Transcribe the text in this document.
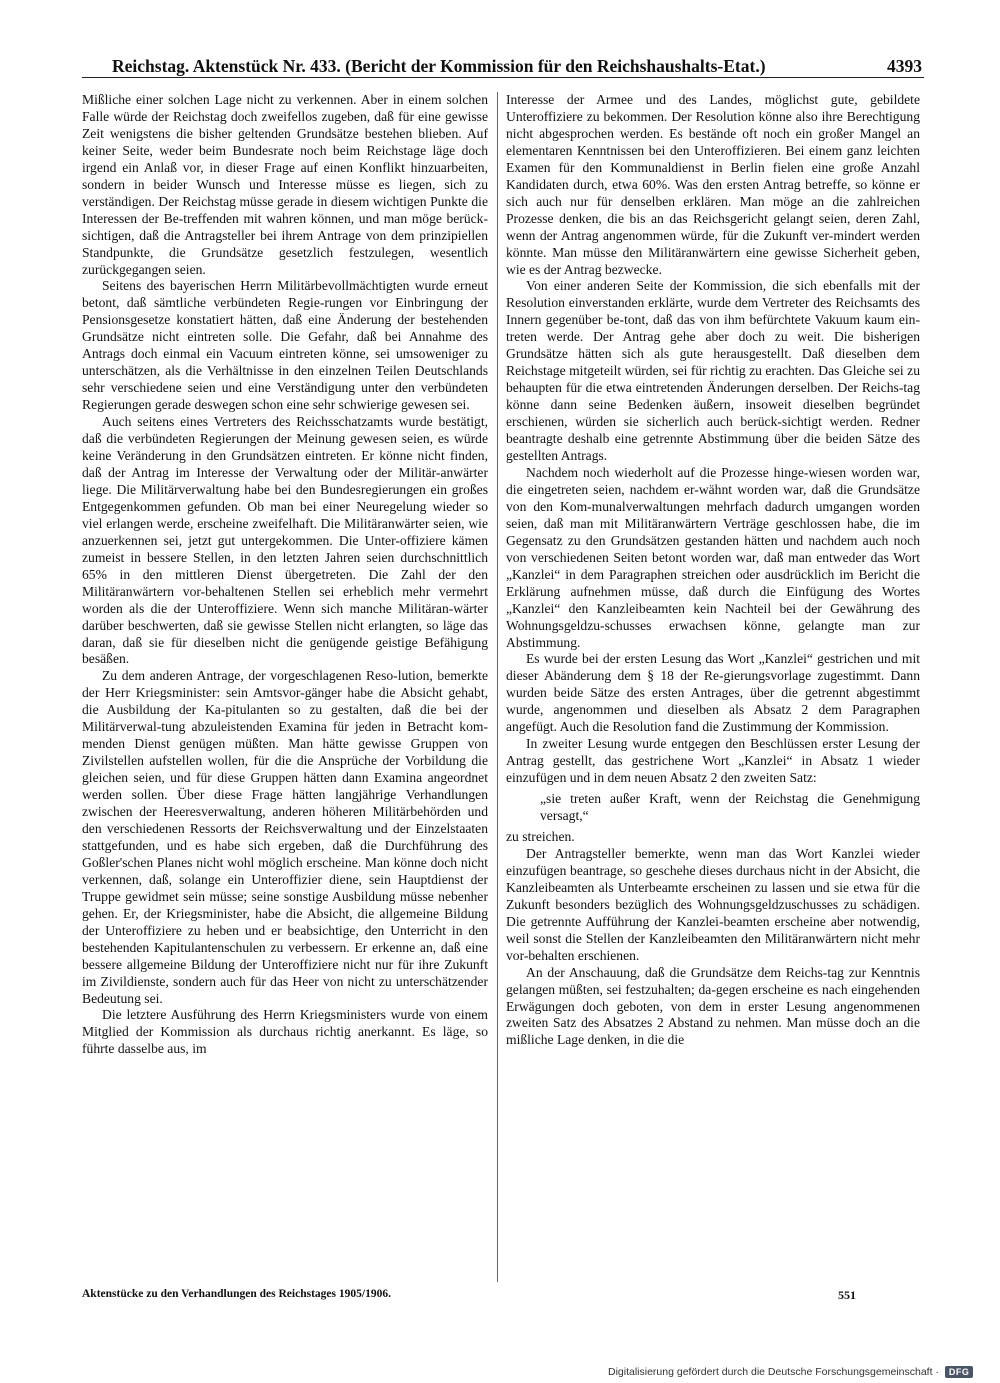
Reichstag. Aktenstück Nr. 433. (Bericht der Kommission für den Reichshaushalts-Etat.)	4393

Mißliche einer solchen Lage nicht zu verkennen. Aber in einem solchen Falle würde der Reichstag doch zweifellos zugeben, daß für eine gewisse Zeit wenigstens die bisher geltenden Grundsätze bestehen blieben. Auf keiner Seite, weder beim Bundesrate noch beim Reichstage läge doch irgend ein Anlaß vor, in dieser Frage auf einen Konflikt hinzuarbeiten, sondern in beider Wunsch und Interesse müsse es liegen, sich zu verständigen. Der Reichstag müsse gerade in diesem wichtigen Punkte die Interessen der Be-treffenden mit wahren können, und man möge berück-sichtigen, daß die Antragsteller bei ihrem Antrage von dem prinzipiellen Standpunkte, die Grundsätze gesetzlich festzulegen, wesentlich zurückgegangen seien.

Seitens des bayerischen Herrn Militärbevollmächtigten wurde erneut betont, daß sämtliche verbündeten Regie-rungen vor Einbringung der Pensionsgesetze konstatiert hätten, daß eine Änderung der bestehenden Grundsätze nicht eintreten solle. Die Gefahr, daß bei Annahme des Antrags doch einmal ein Vacuum eintreten könne, sei umsoweniger zu unterschätzen, als die Verhältnisse in den einzelnen Teilen Deutschlands sehr verschiedene seien und eine Verständigung unter den verbündeten Regierungen gerade deswegen schon eine sehr schwierige gewesen sei.

Auch seitens eines Vertreters des Reichsschatzamts wurde bestätigt, daß die verbündeten Regierungen der Meinung gewesen seien, es würde keine Veränderung in den Grundsätzen eintreten. Er könne nicht finden, daß der Antrag im Interesse der Verwaltung oder der Militär-anwärter liege. Die Militärverwaltung habe bei den Bundesregierungen ein großes Entgegenkommen gefunden. Ob man bei einer Neuregelung wieder so viel erlangen werde, erscheine zweifelhaft. Die Militäranwärter seien, wie anzuerkennen sei, jetzt gut untergekommen. Die Unter-offiziere kämen zumeist in bessere Stellen, in den letzten Jahren seien durchschnittlich 65% in den mittleren Dienst übergetreten. Die Zahl der den Militäranwärtern vor-behaltenen Stellen sei erheblich mehr vermehrt worden als die der Unteroffiziere. Wenn sich manche Militäran-wärter darüber beschwerten, daß sie gewisse Stellen nicht erlangten, so läge das daran, daß sie für dieselben nicht die genügende geistige Befähigung besäßen.

Zu dem anderen Antrage, der vorgeschlagenen Reso-lution, bemerkte der Herr Kriegsminister: sein Amtsvor-gänger habe die Absicht gehabt, die Ausbildung der Ka-pitulanten so zu gestalten, daß die bei der Militärverwal-tung abzuleistenden Examina für jeden in Betracht kom-menden Dienst genügen müßten. Man hätte gewisse Gruppen von Zivilstellen aufstellen wollen, für die die Ansprüche der Vorbildung die gleichen seien, und für diese Gruppen hätten dann Examina angeordnet werden sollen. Über diese Frage hätten langjährige Verhandlungen zwischen der Heeresverwaltung, anderen höheren Militärbehörden und den verschiedenen Ressorts der Reichsverwaltung und der Einzelstaaten stattgefunden, und es habe sich ergeben, daß die Durchführung des Goßler'schen Planes nicht wohl möglich erscheine. Man könne doch nicht verkennen, daß, solange ein Unteroffizier diene, sein Hauptdienst der Truppe gewidmet sein müsse; seine sonstige Ausbildung müsse nebenher gehen. Er, der Kriegsminister, habe die Absicht, die allgemeine Bildung der Unteroffiziere zu heben und er beabsichtige, den Unterricht in den bestehenden Kapitulantenschulen zu verbessern. Er erkenne an, daß eine bessere allgemeine Bildung der Unteroffiziere nicht nur für ihre Zukunft im Zivildienste, sondern auch für das Heer von nicht zu unterschätzender Bedeutung sei.

Die letztere Ausführung des Herrn Kriegsministers wurde von einem Mitglied der Kommission als durchaus richtig anerkannt. Es läge, so führte dasselbe aus, im

Interesse der Armee und des Landes, möglichst gute, gebildete Unteroffiziere zu bekommen. Der Resolution könne also ihre Berechtigung nicht abgesprochen werden. Es bestände oft noch ein großer Mangel an elementaren Kenntnissen bei den Unteroffizieren. Bei einem ganz leichten Examen für den Kommunaldienst in Berlin fielen eine große Anzahl Kandidaten durch, etwa 60%. Was den ersten Antrag betreffe, so könne er sich auch nur für denselben erklären. Man möge an die zahlreichen Prozesse denken, die bis an das Reichsgericht gelangt seien, deren Zahl, wenn der Antrag angenommen würde, für die Zukunft ver-mindert werden könnte. Man müsse den Militäranwärtern eine gewisse Sicherheit geben, wie es der Antrag bezwecke.

Von einer anderen Seite der Kommission, die sich ebenfalls mit der Resolution einverstanden erklärte, wurde dem Vertreter des Reichsamts des Innern gegenüber be-tont, daß das von ihm befürchtete Vakuum kaum ein-treten werde. Der Antrag gehe aber doch zu weit. Die bisherigen Grundsätze hätten sich als gute herausgestellt. Daß dieselben dem Reichstage mitgeteilt würden, sei für richtig zu erachten. Das Gleiche sei zu behaupten für die etwa eintretenden Änderungen derselben. Der Reichs-tag könne dann seine Bedenken äußern, insoweit dieselben begründet erschienen, würden sie sicherlich auch berück-sichtigt werden. Redner beantragte deshalb eine getrennte Abstimmung über die beiden Sätze des gestellten Antrags.

Nachdem noch wiederholt auf die Prozesse hinge-wiesen worden war, die eingetreten seien, nachdem er-wähnt worden war, daß die Grundsätze von den Kom-munalverwaltungen mehrfach dadurch umgangen worden seien, daß man mit Militäranwärtern Verträge geschlossen habe, die im Gegensatz zu den Grundsätzen gestanden hätten und nachdem auch noch von verschiedenen Seiten betont worden war, daß man entweder das Wort „Kanzlei“ in dem Paragraphen streichen oder ausdrücklich im Bericht die Erklärung aufnehmen müsse, daß durch die Einfügung des Wortes „Kanzlei“ den Kanzleibeamten kein Nachteil bei der Gewährung des Wohnungsgeldzu-schusses erwachsen könne, gelangte man zur Abstimmung.

Es wurde bei der ersten Lesung das Wort „Kanzlei“ gestrichen und mit dieser Abänderung dem § 18 der Re-gierungsvorlage zugestimmt. Dann wurden beide Sätze des ersten Antrages, über die getrennt abgestimmt wurde, angenommen und dieselben als Absatz 2 dem Paragraphen angefügt. Auch die Resolution fand die Zustimmung der Kommission.

In zweiter Lesung wurde entgegen den Beschlüssen erster Lesung der Antrag gestellt, das gestrichene Wort „Kanzlei“ in Absatz 1 wieder einzufügen und in dem neuen Absatz 2 den zweiten Satz:

„sie treten außer Kraft, wenn der Reichstag die Genehmigung versagt,“

zu streichen.

Der Antragsteller bemerkte, wenn man das Wort Kanzlei wieder einzufügen beantrage, so geschehe dieses durchaus nicht in der Absicht, die Kanzleibeamten als Unterbeamte erscheinen zu lassen und sie etwa für die Zukunft besonders bezüglich des Wohnungsgeldzuschusses zu schädigen. Die getrennte Aufführung der Kanzlei-beamten erscheine aber notwendig, weil sonst die Stellen der Kanzleibeamten den Militäranwärtern nicht mehr vor-behalten erschienen.

An der Anschauung, daß die Grundsätze dem Reichs-tag zur Kenntnis gelangen müßten, sei festzuhalten; da-gegen erscheine es nach eingehenden Erwägungen doch geboten, von dem in erster Lesung angenommenen zweiten Satz des Absatzes 2 Abstand zu nehmen. Man müsse doch an die mißliche Lage denken, in die die

Aktenstücke zu den Verhandlungen des Reichstages 1905/1906.	551
Digitalisierung gefördert durch die Deutsche Forschungsgemeinschaft ·	DFG
